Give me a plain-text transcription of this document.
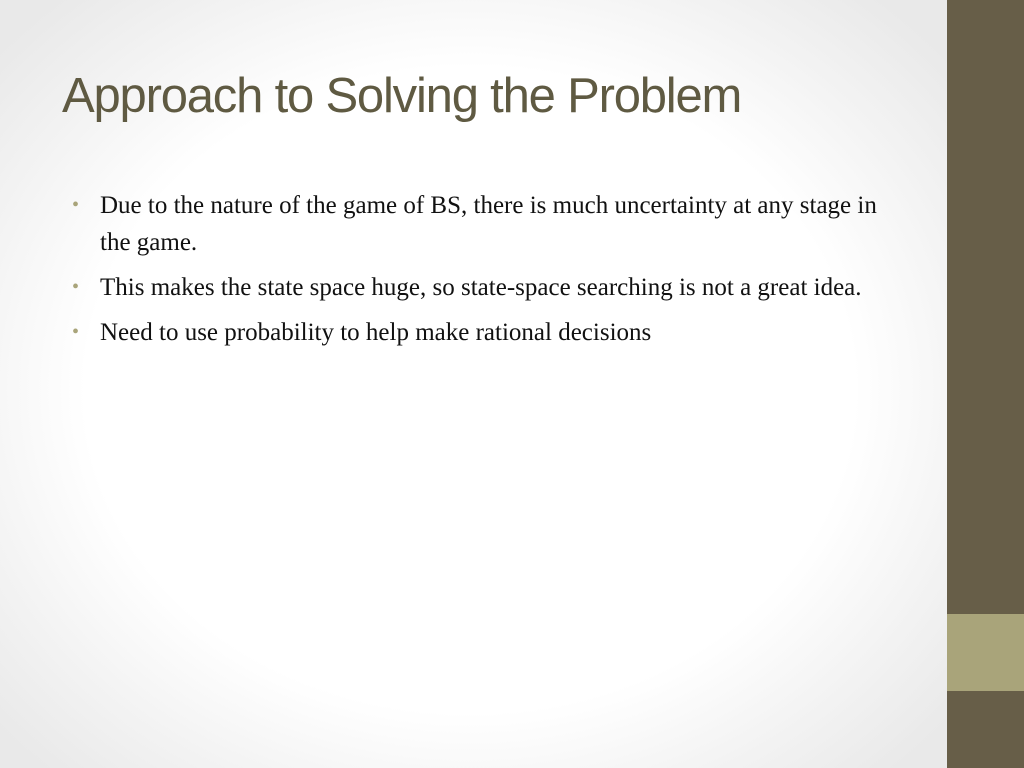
Approach to Solving the Problem
• Due to the nature of the game of BS, there is much uncertainty at any stage in the game.
• This makes the state space huge, so state-space searching is not a great idea.
• Need to use probability to help make rational decisions
